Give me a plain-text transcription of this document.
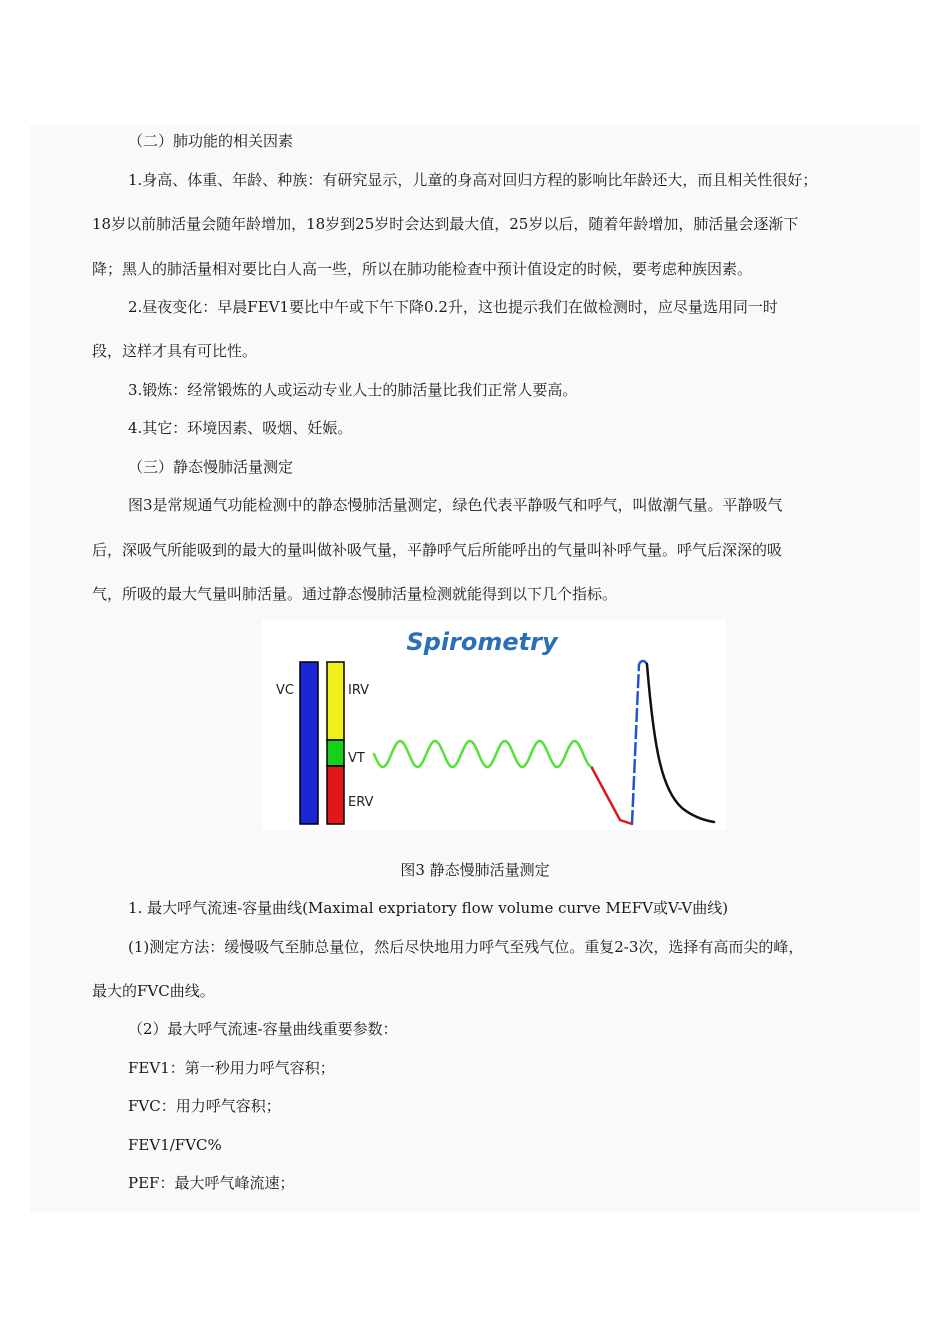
（二）肺功能的相关因素
1.身高、体重、年龄、种族：有研究显示，儿童的身高对回归方程的影响比年龄还大，而且相关性很好；
18岁以前肺活量会随年龄增加，18岁到25岁时会达到最大值，25岁以后，随着年龄增加，肺活量会逐渐下
降；黑人的肺活量相对要比白人高一些，所以在肺功能检查中预计值设定的时候，要考虑种族因素。
2.昼夜变化：早晨FEV1要比中午或下午下降0.2升，这也提示我们在做检测时，应尽量选用同一时
段，这样才具有可比性。
3.锻炼：经常锻炼的人或运动专业人士的肺活量比我们正常人要高。
4.其它：环境因素、吸烟、妊娠。
（三）静态慢肺活量测定
图3是常规通气功能检测中的静态慢肺活量测定，绿色代表平静吸气和呼气，叫做潮气量。平静吸气
后，深吸气所能吸到的最大的量叫做补吸气量，平静呼气后所能呼出的气量叫补呼气量。呼气后深深的吸
气，所吸的最大气量叫肺活量。通过静态慢肺活量检测就能得到以下几个指标。
Spirometry
VC	IRV
VT
ERV
图3 静态慢肺活量测定
1. 最大呼气流速-容量曲线(Maximal expriatory flow volume curve MEFV或V-V曲线)
(1)测定方法：缓慢吸气至肺总量位，然后尽快地用力呼气至残气位。重复2-3次，选择有高而尖的峰，
最大的FVC曲线。
（2）最大呼气流速-容量曲线重要参数：
FEV1：第一秒用力呼气容积；
FVC：用力呼气容积；
FEV1/FVC%
PEF：最大呼气峰流速；
